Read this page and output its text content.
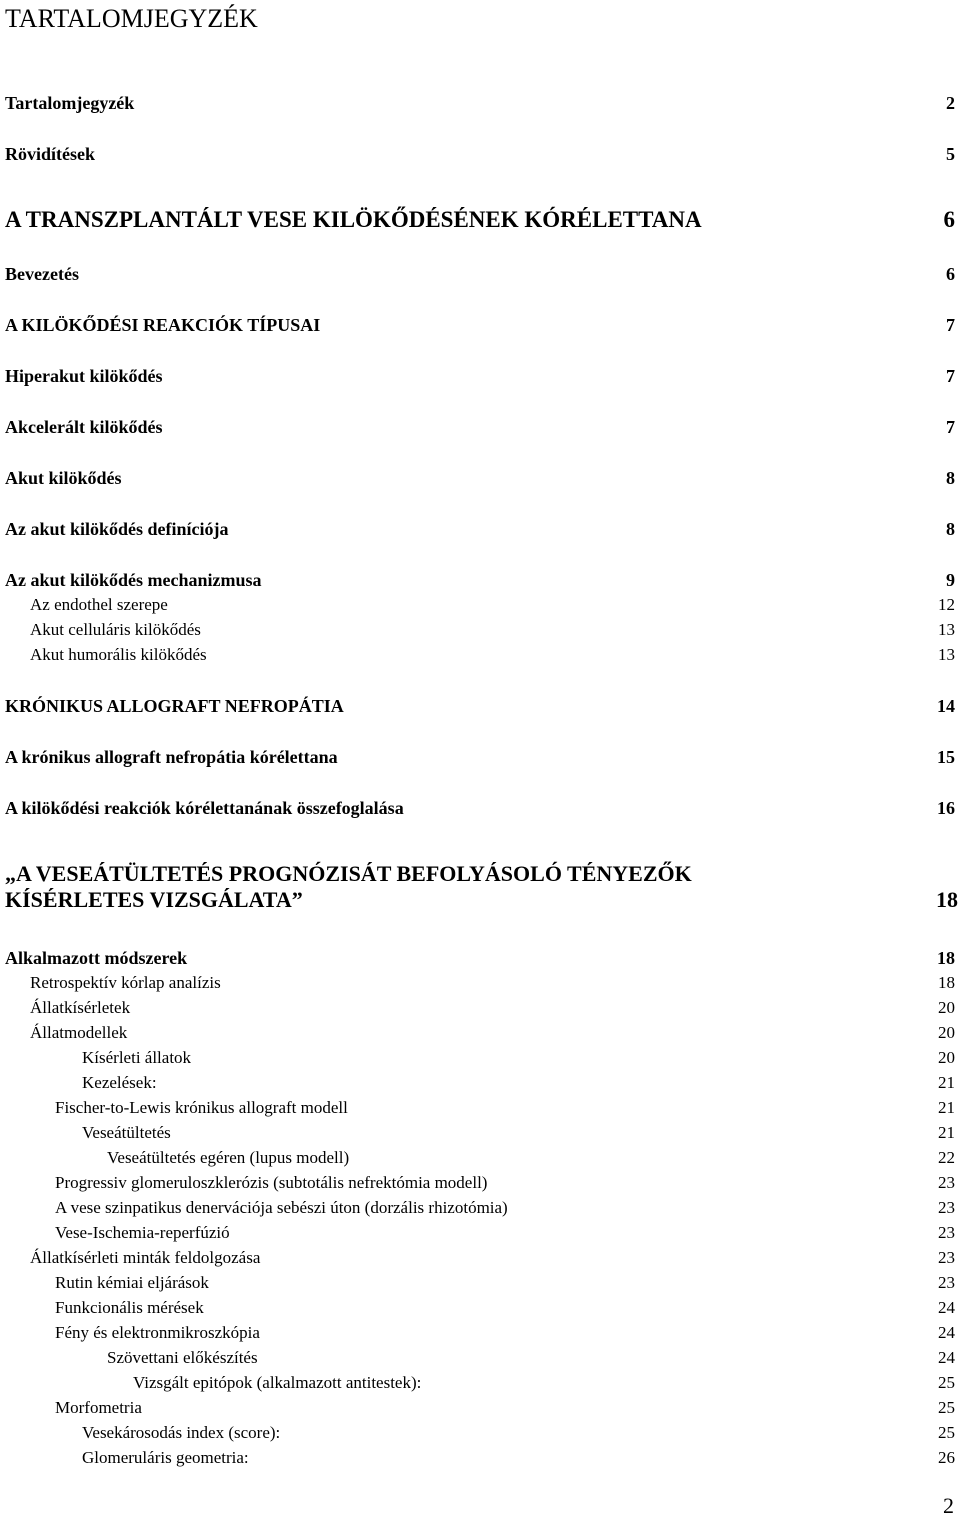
TARTALOMJEGYZÉK
Tartalomjegyzék	2
Rövidítések	5
A TRANSZPLANTÁLT VESE KILÖKŐDÉSÉNEK KÓRÉLETTANA	6
Bevezetés	6
A KILÖKŐDÉSI REAKCIÓK TÍPUSAI	7
Hiperakut kilökődés	7
Akcelerált kilökődés	7
Akut kilökődés	8
Az akut kilökődés definíciója	8
Az akut kilökődés mechanizmusa	9
Az endothel szerepe	12
Akut celluláris kilökődés	13
Akut humorális kilökődés	13
KRÓNIKUS ALLOGRAFT NEFROPÁTIA	14
A krónikus allograft nefropátia kórélettana	15
A kilökődési reakciók kórélettanának összefoglalása	16
„A VESEÁTÜLTETÉS PROGNÓZISÁT BEFOLYÁSOLÓ TÉNYEZŐK
KÍSÉRLETES VIZSGÁLATA”	18
Alkalmazott módszerek	18
Retrospektív kórlap analízis	18
Állatkísérletek	20
Állatmodellek	20
Kísérleti állatok	20
Kezelések:	21
Fischer-to-Lewis krónikus allograft modell	21
Veseátültetés	21
Veseátültetés egéren (lupus modell)	22
Progressiv glomeruloszklerózis (subtotális nefrektómia modell)	23
A vese szinpatikus denervációja sebészi úton (dorzális rhizotómia)	23
Vese-Ischemia-reperfúzió	23
Állatkísérleti minták feldolgozása	23
Rutin kémiai eljárások	23
Funkcionális mérések	24
Fény és elektronmikroszkópia	24
Szövettani előkészítés	24
Vizsgált epitópok (alkalmazott antitestek):	25
Morfometria	25
Vesekárosodás index (score):	25
Glomeruláris geometria:	26
2
